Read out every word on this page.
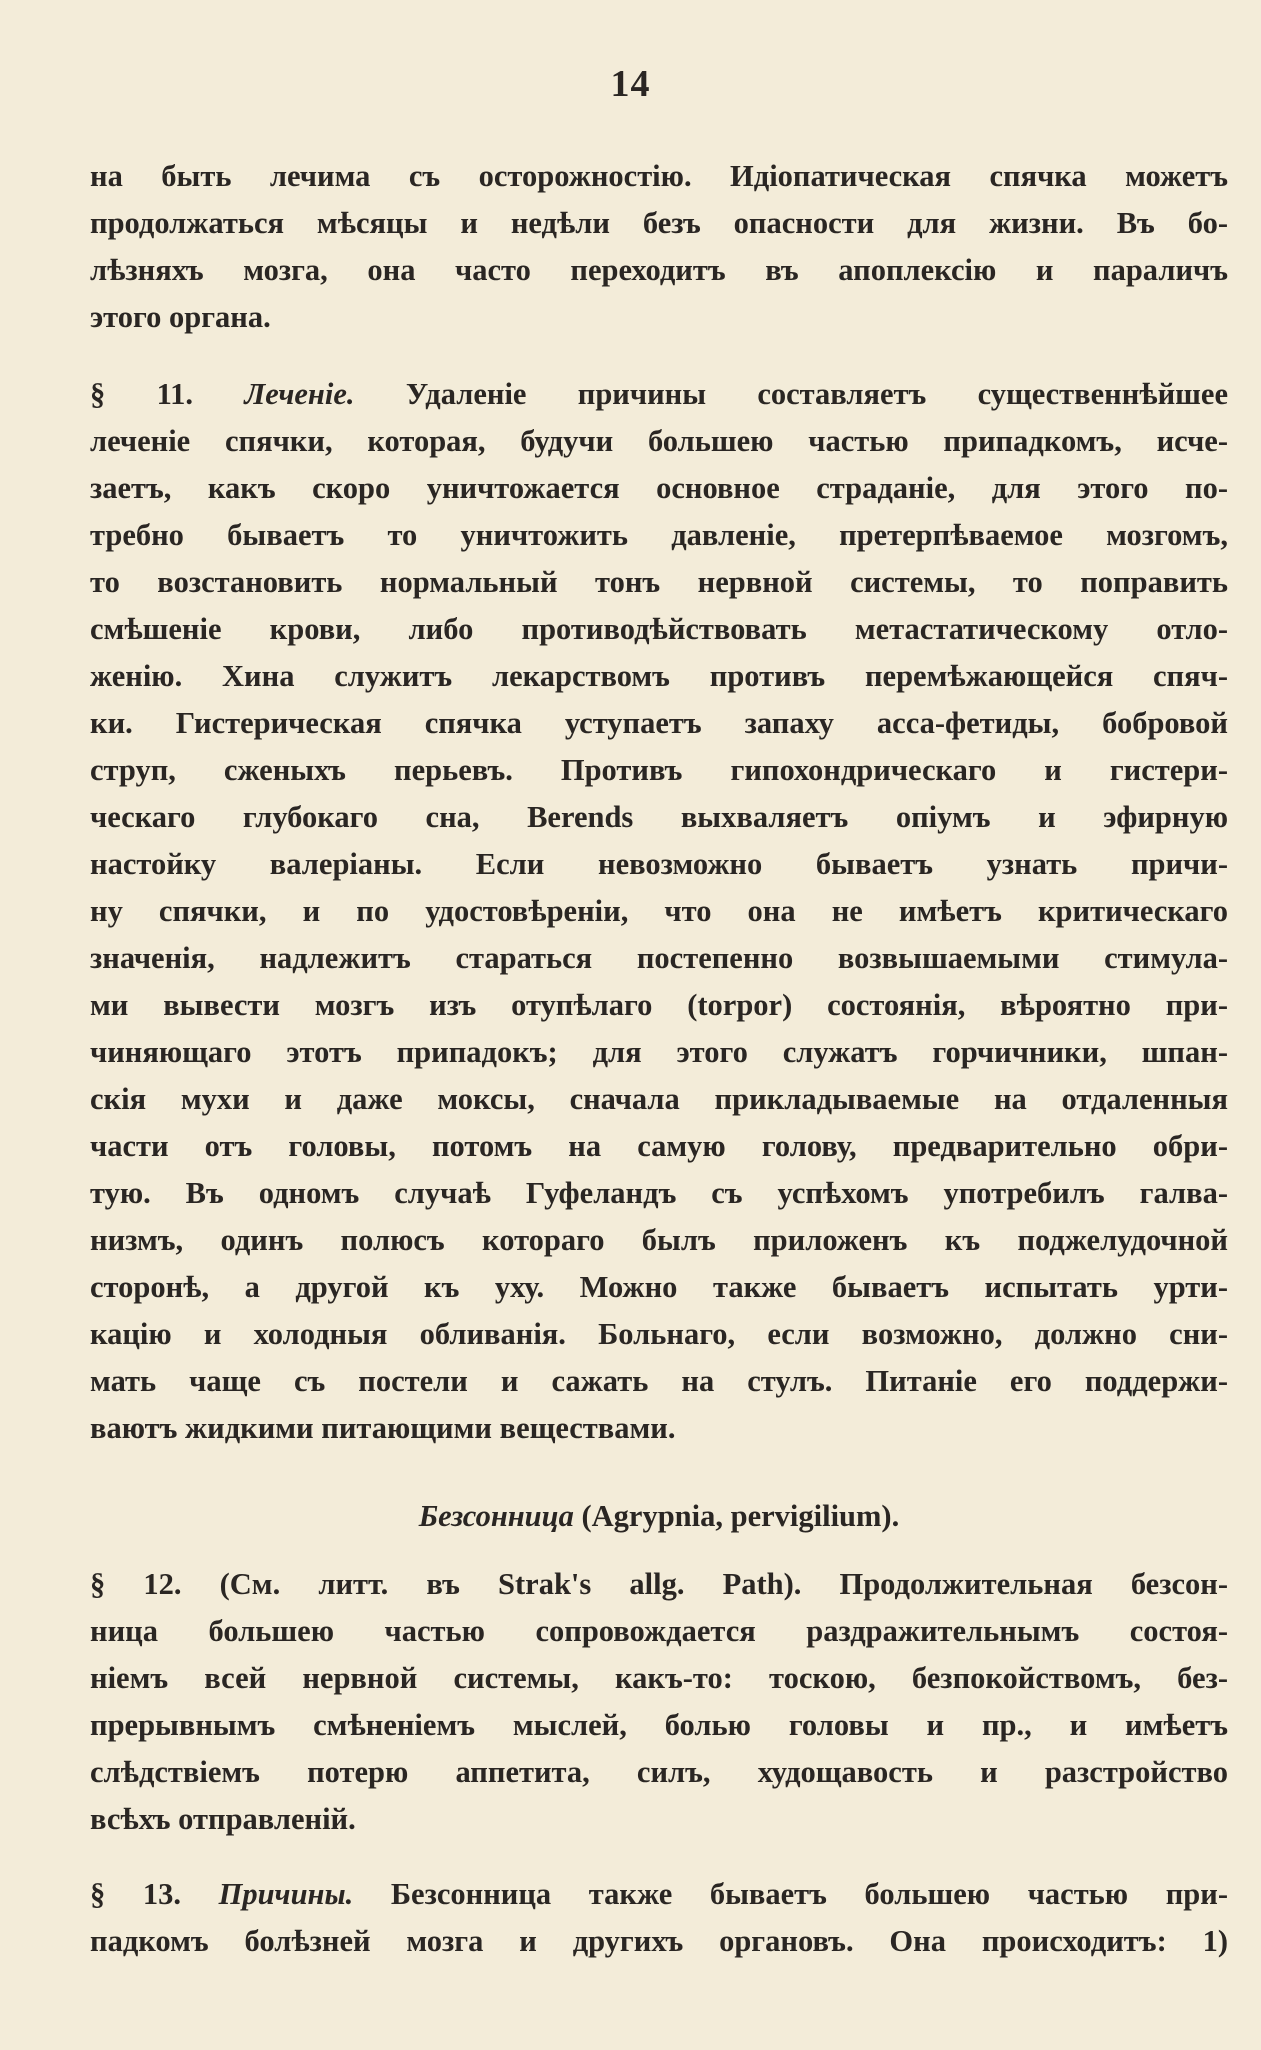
14
на быть лечима съ осторожностію. Идіопатическая спячка можетъ
продолжаться мѣсяцы и недѣли безъ опасности для жизни. Въ бо-
лѣзняхъ мозга, она часто переходитъ въ апоплексію и параличъ
этого органа.
§ 11. Леченіе. Удаленіе причины составляетъ существеннѣйшее
леченіе спячки, которая, будучи большею частью припадкомъ, исче-
заетъ, какъ скоро уничтожается основное страданіе, для этого по-
требно бываетъ то уничтожить давленіе, претерпѣваемое мозгомъ,
то возстановить нормальный тонъ нервной системы, то поправить
смѣшеніе крови, либо противодѣйствовать метастатическому отло-
женію. Хина служитъ лекарствомъ противъ перемѣжающейся спяч-
ки. Гистерическая спячка уступаетъ запаху асса-фетиды, бобровой
струп, сженыхъ перьевъ. Противъ гипохондрическаго и гистери-
ческаго глубокаго сна, Berends выхваляетъ опіумъ и эфирную
настойку валеріаны. Если невозможно бываетъ узнать причи-
ну спячки, и по удостовѣреніи, что она не имѣетъ критическаго
значенія, надлежитъ стараться постепенно возвышаемыми стимула-
ми вывести мозгъ изъ отупѣлаго (torpor) состоянія, вѣроятно при-
чиняющаго этотъ припадокъ; для этого служатъ горчичники, шпан-
скія мухи и даже моксы, сначала прикладываемые на отдаленныя
части отъ головы, потомъ на самую голову, предварительно обри-
тую. Въ одномъ случаѣ Гуфеландъ съ успѣхомъ употребилъ галва-
низмъ, одинъ полюсъ котораго былъ приложенъ къ поджелудочной
сторонѣ, а другой къ уху. Можно также бываетъ испытать урти-
кацію и холодныя обливанія. Больнаго, если возможно, должно сни-
мать чаще съ постели и сажать на стулъ. Питаніе его поддержи-
ваютъ жидкими питающими веществами.
Безсонница (Agrypnia, pervigilium).
§ 12. (См. литт. въ Strak's allg. Path). Продолжительная безсон-
ница большею частью сопровождается раздражительнымъ состоя-
ніемъ всей нервной системы, какъ-то: тоскою, безпокойствомъ, без-
прерывнымъ смѣненіемъ мыслей, болью головы и пр., и имѣетъ
слѣдствіемъ потерю аппетита, силъ, худощавость и разстройство
всѣхъ отправленій.
§ 13. Причины. Безсонница также бываетъ большею частью при-
падкомъ болѣзней мозга и другихъ органовъ. Она происходитъ: 1)
